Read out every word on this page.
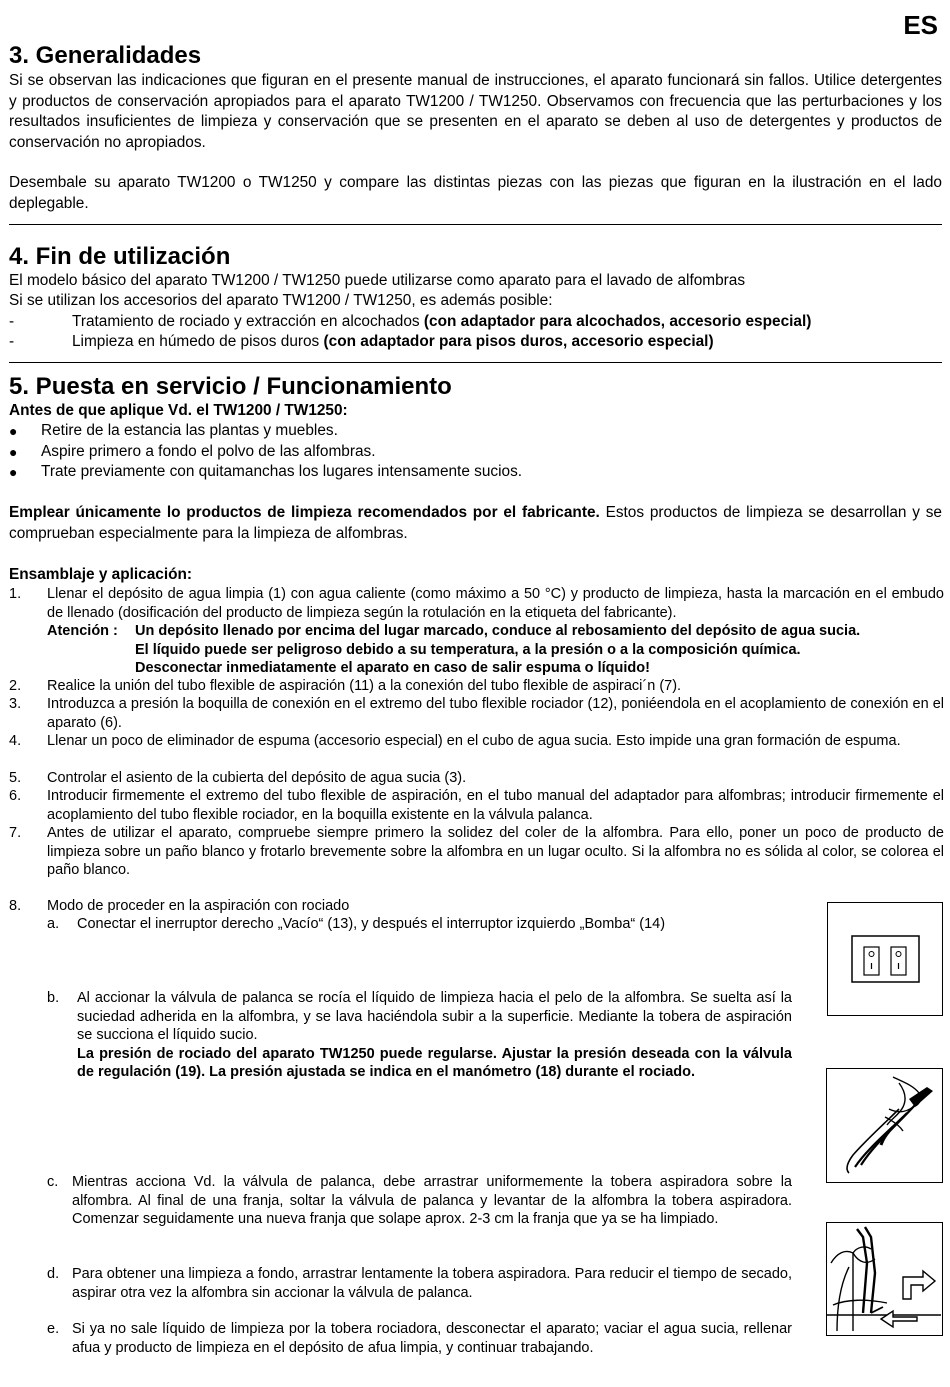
ES
3. Generalidades

Si se observan las indicaciones que figuran en el presente manual de instrucciones, el aparato funcionará sin fallos. Utilice detergentes y productos de conservación apropiados para el aparato TW1200 / TW1250. Observamos con frecuencia que las perturbaciones y los resultados insuficientes de limpieza y conservación que se presenten en el aparato se deben al uso de detergentes y productos de conservación no apropiados.

Desembale su aparato TW1200 o TW1250 y compare las distintas piezas con las piezas que figuran en la ilustración en el lado deplegable.

4. Fin de utilización
El modelo básico del aparato TW1200 / TW1250 puede utilizarse como aparato para el lavado de alfombras
Si se utilizan los accesorios del aparato TW1200 / TW1250, es además posible:
-	Tratamiento de rociado y extracción en alcochados (con adaptador para alcochados, accesorio especial)
-	Limpieza en húmedo de pisos duros (con adaptador para pisos duros, accesorio especial)
5. Puesta en servicio / Funcionamiento
Antes de que aplique Vd. el TW1200 / TW1250:
●	Retire de la estancia las plantas y muebles.
●	Aspire primero a fondo el polvo de las alfombras.
●	Trate previamente con quitamanchas los lugares intensamente sucios.

Emplear únicamente lo productos de limpieza recomendados por el fabricante. Estos productos de limpieza se desarrollan y se comprueban especialmente para la limpieza de alfombras.

Ensamblaje y aplicación:
1.	Llenar el depósito de agua limpia (1) con agua caliente (como máximo a 50 °C) y producto de limpieza, hasta la marcación en el embudo de llenado (dosificación del producto de limpieza según la rotulación en la etiqueta del fabricante).
Atención :	Un depósito llenado por encima del lugar marcado, conduce al rebosamiento del depósito de agua sucia.
El líquido puede ser peligroso debido a su temperatura, a la presión o a la composición química.
Desconectar inmediatamente el aparato en caso de salir espuma o líquido!
2.	Realice la unión del tubo flexible de aspiración (11) a la conexión del tubo flexible de aspiraci´n (7).
3.	Introduzca a presión la boquilla de conexión en el extremo del tubo flexible rociador (12), poniéendola en el acoplamiento de conexión en el aparato (6).
4.	Llenar un poco de eliminador de espuma (accesorio especial) en el cubo de agua sucia. Esto impide una gran formación de espuma.
5.	Controlar el asiento de la cubierta del depósito de agua sucia (3).
6.	Introducir firmemente el extremo del tubo flexible de aspiración, en el tubo manual del adaptador para alfombras; introducir firmemente el acoplamiento del tubo flexible rociador, en la boquilla existente en la válvula palanca.
7.	Antes de utilizar el aparato, compruebe siempre primero la solidez del coler de la alfombra. Para ello, poner un poco de producto de limpieza sobre un paño blanco y frotarlo brevemente sobre la alfombra en un lugar oculto. Si la alfombra no es sólida al color, se colorea el paño blanco.
8.	Modo de proceder en la aspiración con rociado
a.	Conectar el inerruptor derecho „Vacío“ (13), y después el interruptor izquierdo „Bomba“ (14)
b.	Al accionar la válvula de palanca se rocía el líquido de limpieza hacia el pelo de la alfombra. Se suelta así la suciedad adherida en la alfombra, y se lava haciéndola subir a la superficie. Mediante la tobera de aspiración se succiona el líquido sucio.
La presión de rociado del aparato TW1250 puede regularse. Ajustar la presión deseada con la válvula de regulación (19). La presión ajustada se indica en el manómetro (18) durante el rociado.
c. Mientras acciona Vd. la válvula de palanca, debe arrastrar uniformemente la tobera aspiradora sobre la alfombra. Al final de una franja, soltar la válvula de palanca y levantar de la alfombra la tobera aspiradora. Comenzar seguidamente una nueva franja que solape aprox. 2-3 cm la franja que ya se ha limpiado.
d. Para obtener una limpieza a fondo, arrastrar lentamente la tobera aspiradora. Para reducir el tiempo de secado, aspirar otra vez la alfombra sin accionar la válvula de palanca.
e. Si ya no sale líquido de limpieza por la tobera rociadora, desconectar el aparato; vaciar el agua sucia, rellenar afua y producto de limpieza en el depósito de afua limpia, y continuar trabajando.
